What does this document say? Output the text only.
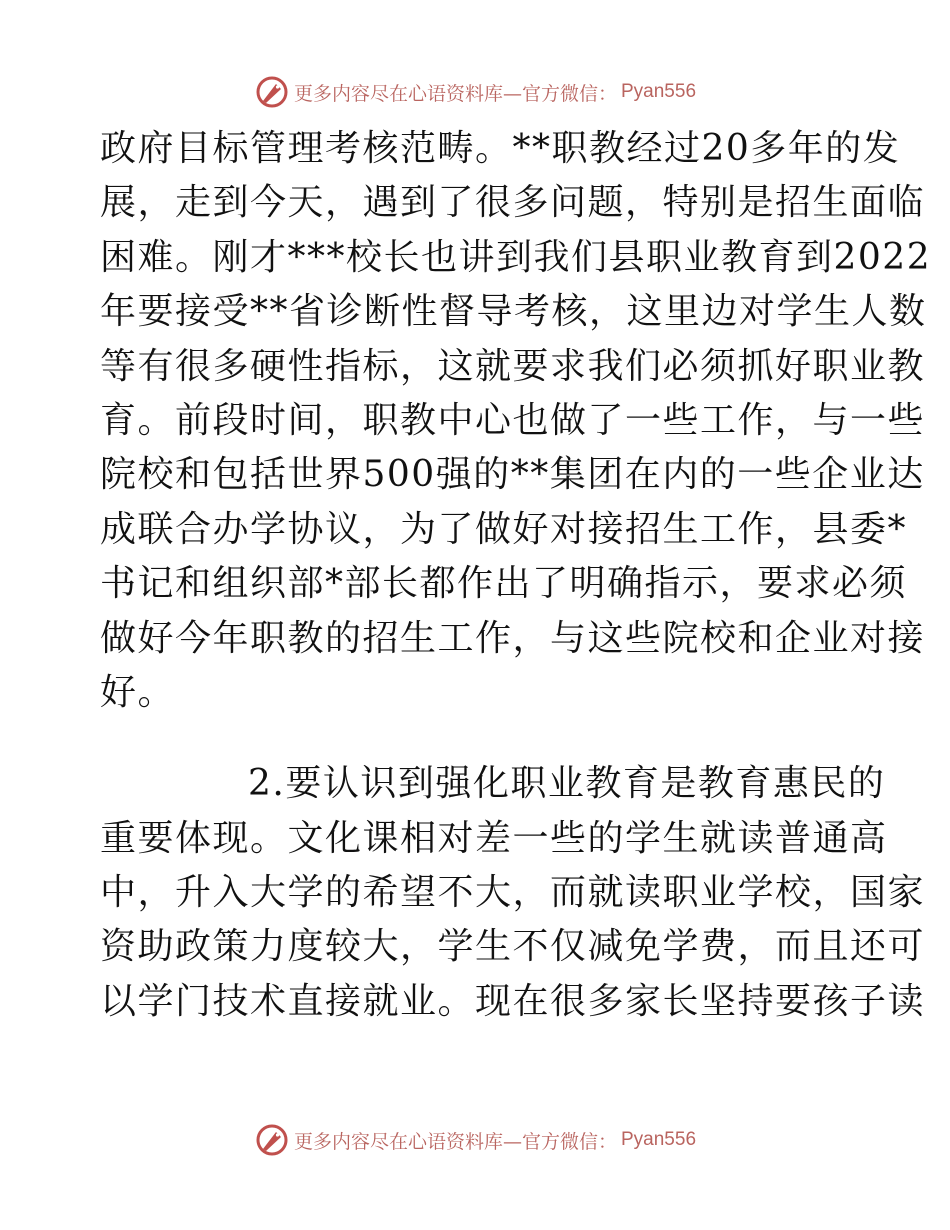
更多内容尽在心语资料库—官方微信： Pyan556
政府目标管理考核范畴。**职教经过20多年的发
展，走到今天，遇到了很多问题，特别是招生面临
困难。刚才***校长也讲到我们县职业教育到2022
年要接受**省诊断性督导考核，这里边对学生人数
等有很多硬性指标，这就要求我们必须抓好职业教
育。前段时间，职教中心也做了一些工作，与一些
院校和包括世界500强的**集团在内的一些企业达
成联合办学协议，为了做好对接招生工作，县委*
书记和组织部*部长都作出了明确指示，要求必须
做好今年职教的招生工作，与这些院校和企业对接
好。
2.要认识到强化职业教育是教育惠民的
重要体现。文化课相对差一些的学生就读普通高
中，升入大学的希望不大，而就读职业学校，国家
资助政策力度较大，学生不仅减免学费，而且还可
以学门技术直接就业。现在很多家长坚持要孩子读
更多内容尽在心语资料库—官方微信： Pyan556
